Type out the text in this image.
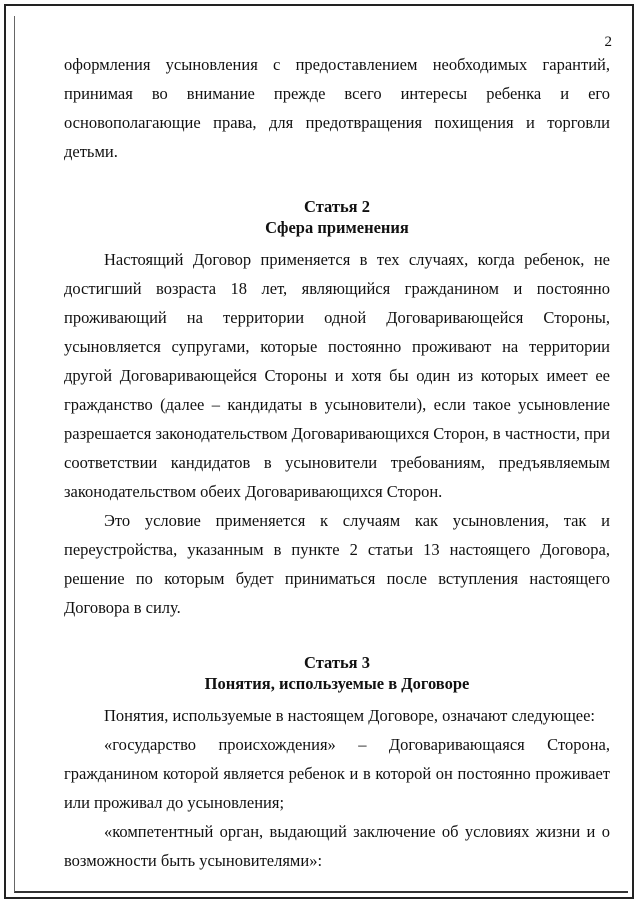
2

оформления усыновления с предоставлением необходимых гарантий, принимая во внимание прежде всего интересы ребенка и его основополагающие права, для предотвращения похищения и торговли детьми.

Статья 2
Сфера применения

Настоящий Договор применяется в тех случаях, когда ребенок, не достигший возраста 18 лет, являющийся гражданином и постоянно проживающий на территории одной Договаривающейся Стороны, усыновляется супругами, которые постоянно проживают на территории другой Договаривающейся Стороны и хотя бы один из которых имеет ее гражданство (далее – кандидаты в усыновители), если такое усыновление разрешается законодательством Договаривающихся Сторон, в частности, при соответствии кандидатов в усыновители требованиям, предъявляемым законодательством обеих Договаривающихся Сторон.

Это условие применяется к случаям как усыновления, так и переустройства, указанным в пункте 2 статьи 13 настоящего Договора, решение по которым будет приниматься после вступления настоящего Договора в силу.

Статья 3
Понятия, используемые в Договоре

Понятия, используемые в настоящем Договоре, означают следующее:

«государство происхождения» – Договаривающаяся Сторона, гражданином которой является ребенок и в которой он постоянно проживает или проживал до усыновления;

«компетентный орган, выдающий заключение об условиях жизни и о возможности быть усыновителями»:
